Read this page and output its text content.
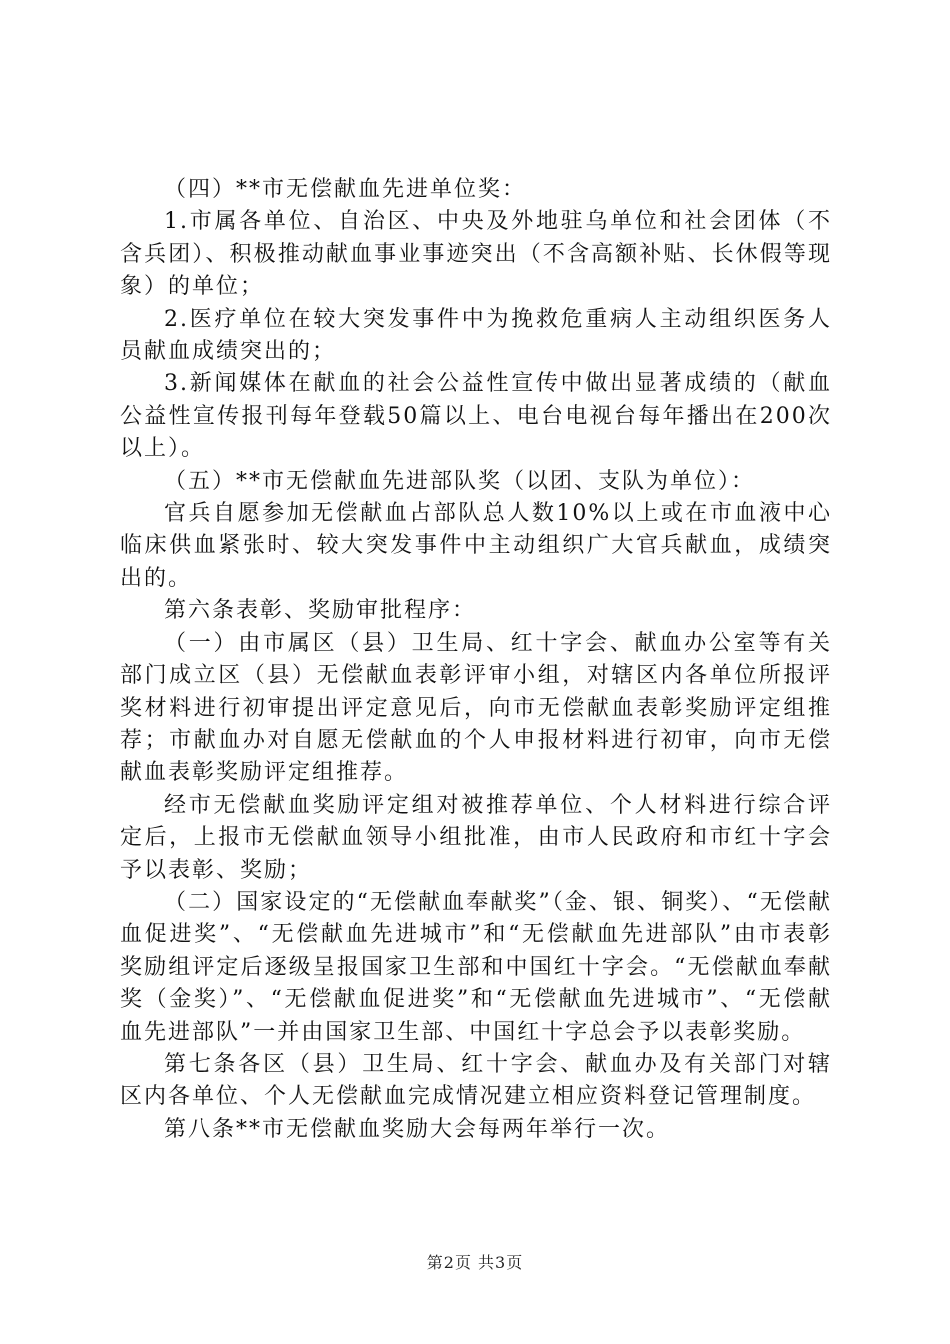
（四）**市无偿献血先进单位奖：

1.市属各单位、自治区、中央及外地驻乌单位和社会团体（不含兵团）、积极推动献血事业事迹突出（不含高额补贴、长休假等现象）的单位；

2.医疗单位在较大突发事件中为挽救危重病人主动组织医务人员献血成绩突出的；

3.新闻媒体在献血的社会公益性宣传中做出显著成绩的（献血公益性宣传报刊每年登载50篇以上、电台电视台每年播出在200次以上）。

（五）**市无偿献血先进部队奖（以团、支队为单位）：

官兵自愿参加无偿献血占部队总人数10%以上或在市血液中心临床供血紧张时、较大突发事件中主动组织广大官兵献血，成绩突出的。

第六条表彰、奖励审批程序：

（一）由市属区（县）卫生局、红十字会、献血办公室等有关部门成立区（县）无偿献血表彰评审小组，对辖区内各单位所报评奖材料进行初审提出评定意见后，向市无偿献血表彰奖励评定组推荐；市献血办对自愿无偿献血的个人申报材料进行初审，向市无偿献血表彰奖励评定组推荐。

经市无偿献血奖励评定组对被推荐单位、个人材料进行综合评定后，上报市无偿献血领导小组批准，由市人民政府和市红十字会予以表彰、奖励；

（二）国家设定的“无偿献血奉献奖”（金、银、铜奖）、“无偿献血促进奖”、“无偿献血先进城市”和“无偿献血先进部队”由市表彰奖励组评定后逐级呈报国家卫生部和中国红十字会。“无偿献血奉献奖（金奖）”、“无偿献血促进奖”和“无偿献血先进城市”、“无偿献血先进部队”一并由国家卫生部、中国红十字总会予以表彰奖励。

第七条各区（县）卫生局、红十字会、献血办及有关部门对辖区内各单位、个人无偿献血完成情况建立相应资料登记管理制度。

第八条**市无偿献血奖励大会每两年举行一次。

第2页 共3页
